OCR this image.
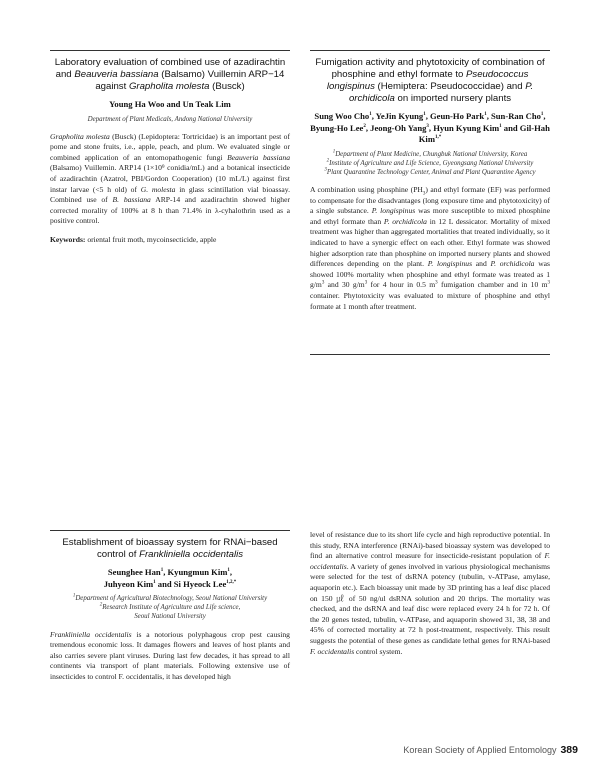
Laboratory evaluation of combined use of azadirachtin and Beauveria bassiana (Balsamo) Vuillemin ARP−14 against Grapholita molesta (Busck)
Young Ha Woo and Un Teak Lim
Department of Plant Medicals, Andong National University
Grapholita molesta (Busck) (Lepidoptera: Tortricidae) is an important pest of pome and stone fruits, i.e., apple, peach, and plum. We evaluated single or combined application of an entomopathogenic fungi Beauveria bassiana (Balsamo) Vuillemin. ARP14 (1×10⁹ conidia/mL) and a botanical insecticide of azadirachtin (Azatrol, PBI/Gordon Cooperation) (10 mL/L) against first instar larvae (<5 h old) of G. molesta in glass scintillation vial bioassay. Combined use of B. bassiana ARP-14 and azadirachtin showed higher corrected morality of 100% at 8 h than 71.4% in λ-cyhalothrin used as a positive control.
Keywords: oriental fruit moth, mycoinsecticide, apple
Fumigation activity and phytotoxicity of combination of phosphine and ethyl formate to Pseudococcus longispinus (Hemiptera: Pseudococcidae) and P. orchidicola on imported nursery plants
Sung Woo Cho$^1$, YeJin Kyung$^1$, Geun-Ho Park$^1$, Sun-Ran Cho$^1$, Byung-Ho Lee$^2$, Jeong-Oh Yang$^3$, Hyun Kyung Kim$^1$ and Gil-Hah Kim$^{1,*}$
$^1$Department of Plant Medicine, Chungbuk National University, Korea
$^2$Institute of Agriculture and Life Science, Gyeongsang National University
$^3$Plant Quarantine Technology Center, Animal and Plant Quarantine Agency
A combination using phosphine $(PH_3)$ and ethyl formate (EF) was performed to compensate for the disadvantages (long exposure time and phytotoxicity) of a single substance. P. longispinus was more susceptible to mixed phosphine and ethyl formate than P. orchidicola in 12 L dessicator. Mortality of mixed treatment was higher than aggregated mortalities that treated individually, so it indicated to have a synergic effect on each other. Ethyl formate was showed higher adsorption rate than phosphine on imported nursery plants and showed differences depending on the plant. P. longispinus and P. orchidicola was showed 100% mortality when phosphine and ethyl formate was treated as 1 $g/m^3$ and 30 $g/m^3$ for 4 hour in 0.5 $m^3$ fumigation chamber and in 10 $m^3$ container. Phytotoxicity was evaluated to mixture of phosphine and ethyl formate at 1 month after treatment.
Establishment of bioassay system for RNAi−based control of Frankliniella occidentalis
Seunghee Han$^1$, Kyungmun Kim$^1$,
Juhyeon Kim$^1$ and Si Hyeock Lee$^{1,2,*}$
$^1$Department of Agricultural Biotechnology, Seoul National University
$^2$Research Institute of Agriculture and Life science,
Seoul National University
Frankliniella occidentalis is a notorious polyphagous crop pest causing tremendous economic loss. It damages flowers and leaves of host plants and also carries severe plant viruses. During last few decades, it has spread to all continents via transport of plant materials. Following extensive use of insecticides to control F. occidentalis, it has developed high
level of resistance due to its short life cycle and high reproductive potential. In this study, RNA interference (RNAi)-based bioassay system was developed to find an alternative control measure for insecticide-resistant population of F. occidentalis. A variety of genes involved in various physiological mechanisms were selected for the test of dsRNA potency (tubulin, v-ATPase, amylase, aquaporin etc.). Each bioassay unit made by 3D printing has a leaf disc placed on 150 ㎕ of 50 ng/ul dsRNA solution and 20 thrips. The mortality was checked, and the dsRNA and leaf disc were replaced every 24 h for 72 h. Of the 20 genes tested, tubulin, v-ATPase, and aquaporin showed 31, 38, 38 and 45% of corrected mortality at 72 h post-treatment, respectively. This result suggests the potential of these genes as candidate lethal genes for RNAi-based F. occidentalis control system.
Korean Society of Applied Entomology 389
